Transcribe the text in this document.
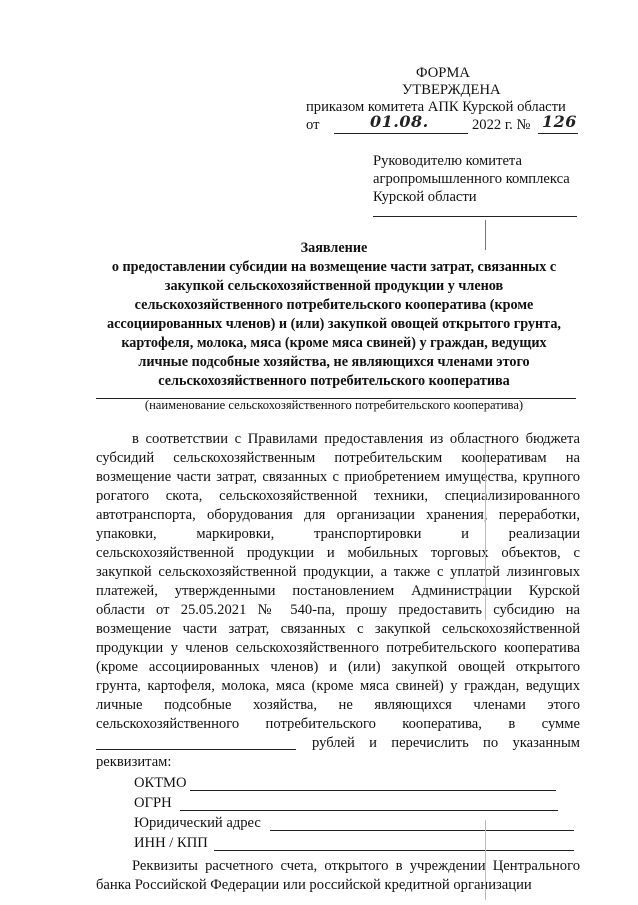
ФОРМА
УТВЕРЖДЕНА
приказом комитета АПК Курской области
от	01.08.	2022 г. № 126
Руководителю комитета
агропромышленного комплекса
Курской области
Заявление
о предоставлении субсидии на возмещение части затрат, связанных с
закупкой сельскохозяйственной продукции у членов
сельскохозяйственного потребительского кооператива (кроме
ассоциированных членов) и (или) закупкой овощей открытого грунта,
картофеля, молока, мяса (кроме мяса свиней) у граждан, ведущих
личные подсобные хозяйства, не являющихся членами этого
сельскохозяйственного потребительского кооператива
(наименование сельскохозяйственного потребительского кооператива)
в соответствии с Правилами предоставления из областного бюджета
субсидий сельскохозяйственным потребительским кооперативам на
возмещение части затрат, связанных с приобретением имущества, крупного
рогатого скота, сельскохозяйственной техники, специализированного
автотранспорта, оборудования для организации хранения, переработки,
упаковки, маркировки, транспортировки и реализации
сельскохозяйственной продукции и мобильных торговых объектов, с
закупкой сельскохозяйственной продукции, а также с уплатой лизинговых
платежей, утвержденными постановлением Администрации Курской
области от 25.05.2021 № 540-па, прошу предоставить субсидию на
возмещение части затрат, связанных с закупкой сельскохозяйственной
продукции у членов сельскохозяйственного потребительского кооператива
(кроме ассоциированных членов) и (или) закупкой овощей открытого
грунта, картофеля, молока, мяса (кроме мяса свиней) у граждан, ведущих
личные подсобные хозяйства, не являющихся членами этого
сельскохозяйственного потребительского кооператива, в сумме
рублей и перечислить по указанным
реквизитам:
ОКТМО
ОГРН
Юридический адрес
ИНН / КПП
Реквизиты расчетного счета, открытого в учреждении Центрального
банка Российской Федерации или российской кредитной организации
